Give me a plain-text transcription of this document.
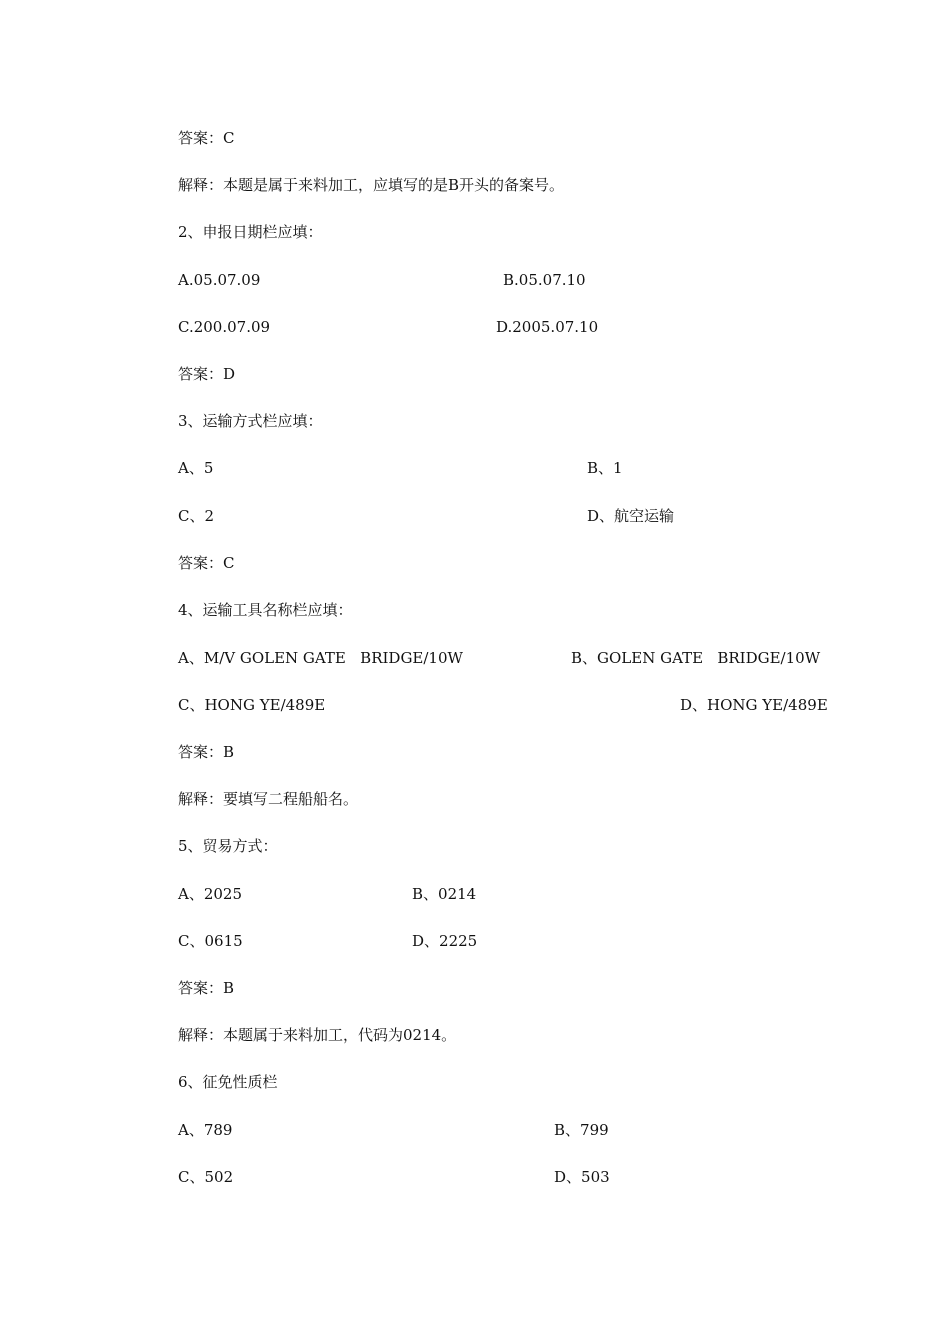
答案：C
解释：本题是属于来料加工，应填写的是B开头的备案号。
2、申报日期栏应填：
A.05.07.09	B.05.07.10
C.200.07.09	D.2005.07.10
答案：D
3、运输方式栏应填：
A、5	B、1
C、2	D、航空运输
答案：C
4、运输工具名称栏应填：
A、M/V GOLEN GATE   BRIDGE/10W	B、GOLEN GATE   BRIDGE/10W
C、HONG YE/489E	D、HONG YE/489E
答案：B
解释：要填写二程船船名。
5、贸易方式：
A、2025	B、0214
C、0615	D、2225
答案：B
解释：本题属于来料加工，代码为0214。
6、征免性质栏
A、789	B、799
C、502	D、503
